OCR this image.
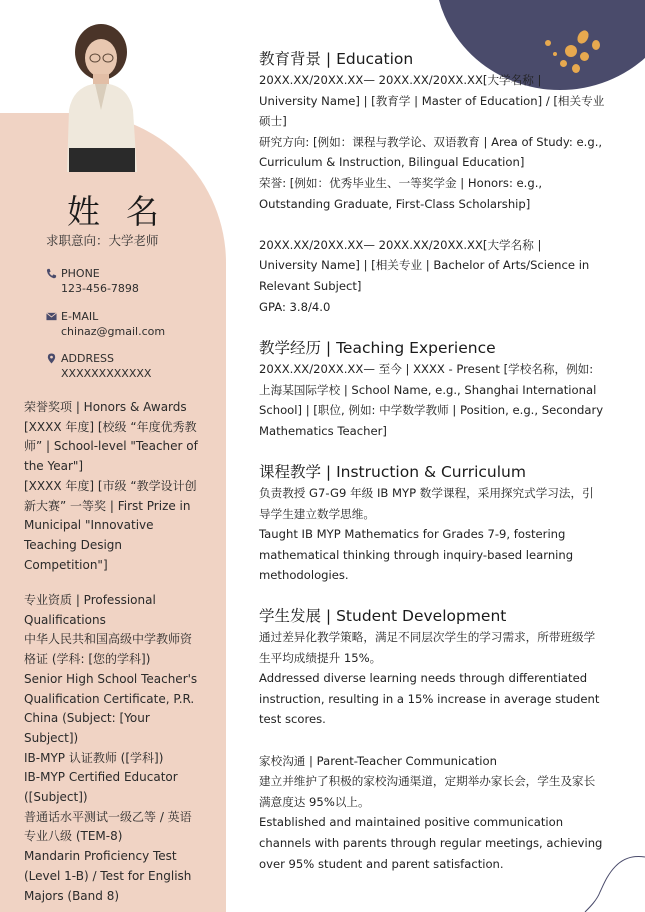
姓名
求职意向：大学老师
PHONE
123-456-7898
E-MAIL
chinaz@gmail.com
ADDRESS
XXXXXXXXXXXX

荣誉奖项 | Honors & Awards

[XXXX 年度] [校级 “年度优秀教

师” | School-level "Teacher of

the Year"]

[XXXX 年度] [市级 “教学设计创

新大赛” 一等奖 | First Prize in

Municipal "Innovative

Teaching Design

Competition"]

专业资质 | Professional

Qualifications

中华人民共和国高级中学教师资

格证 (学科: [您的学科])

Senior High School Teacher's

Qualification Certificate, P.R.

China (Subject: [Your Subject])

IB-MYP 认证教师 ([学科])

IB-MYP Certified Educator

([Subject])

普通话水平测试一级乙等 / 英语

专业八级 (TEM-8)

Mandarin Proficiency Test

(Level 1-B) / Test for English

Majors (Band 8)

教育背景 | Education

20XX.XX/20XX.XX— 20XX.XX/20XX.XX[大学名称 |

University Name] | [教育学 | Master of Education] / [相关专业

硕士]

研究方向: [例如：课程与教学论、双语教育 | Area of Study: e.g.,

Curriculum & Instruction, Bilingual Education]

荣誉: [例如：优秀毕业生、一等奖学金 | Honors: e.g.,

Outstanding Graduate, First-Class Scholarship]

20XX.XX/20XX.XX— 20XX.XX/20XX.XX[大学名称 |

University Name] | [相关专业 | Bachelor of Arts/Science in

Relevant Subject]

GPA: 3.8/4.0

教学经历 | Teaching Experience

20XX.XX/20XX.XX— 至今 | XXXX - Present [学校名称，例如:

上海某国际学校 | School Name, e.g., Shanghai International

School] | [职位, 例如: 中学数学教师 | Position, e.g., Secondary

Mathematics Teacher]

课程教学 | Instruction & Curriculum

负责教授 G7-G9 年级 IB MYP 数学课程，采用探究式学习法，引

导学生建立数学思维。

Taught IB MYP Mathematics for Grades 7-9, fostering

mathematical thinking through inquiry-based learning

methodologies.

学生发展 | Student Development

通过差异化教学策略，满足不同层次学生的学习需求，所带班级学

生平均成绩提升 15%。

Addressed diverse learning needs through differentiated

instruction, resulting in a 15% increase in average student

test scores.

家校沟通 | Parent-Teacher Communication

建立并维护了积极的家校沟通渠道，定期举办家长会，学生及家长

满意度达 95%以上。

Established and maintained positive communication

channels with parents through regular meetings, achieving

over 95% student and parent satisfaction.
